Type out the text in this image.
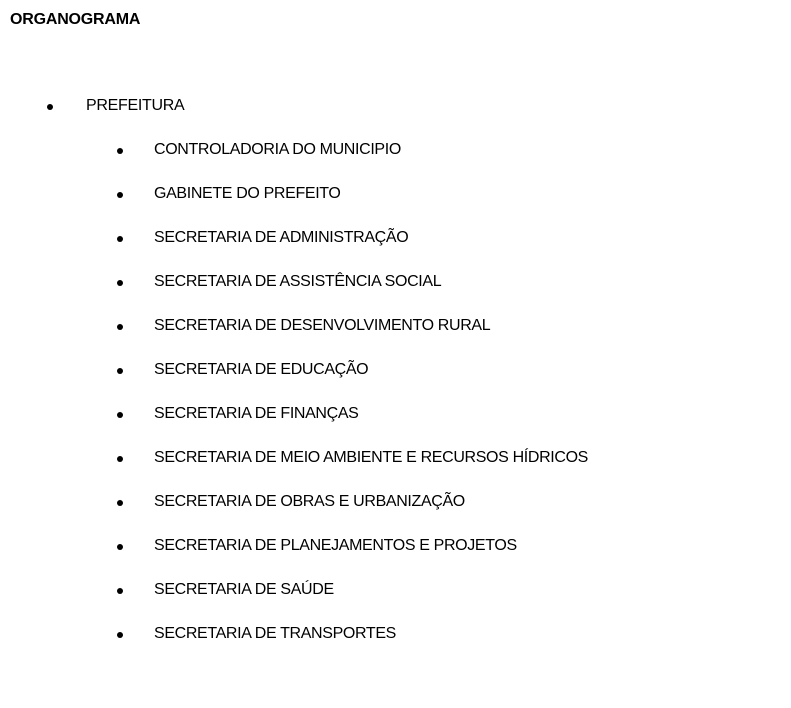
ORGANOGRAMA
PREFEITURA
CONTROLADORIA DO MUNICIPIO
GABINETE DO PREFEITO
SECRETARIA DE ADMINISTRAÇÃO
SECRETARIA DE ASSISTÊNCIA SOCIAL
SECRETARIA DE DESENVOLVIMENTO RURAL
SECRETARIA DE EDUCAÇÃO
SECRETARIA DE FINANÇAS
SECRETARIA DE MEIO AMBIENTE E RECURSOS HÍDRICOS
SECRETARIA DE OBRAS E URBANIZAÇÃO
SECRETARIA DE PLANEJAMENTOS E PROJETOS
SECRETARIA DE SAÚDE
SECRETARIA DE TRANSPORTES
